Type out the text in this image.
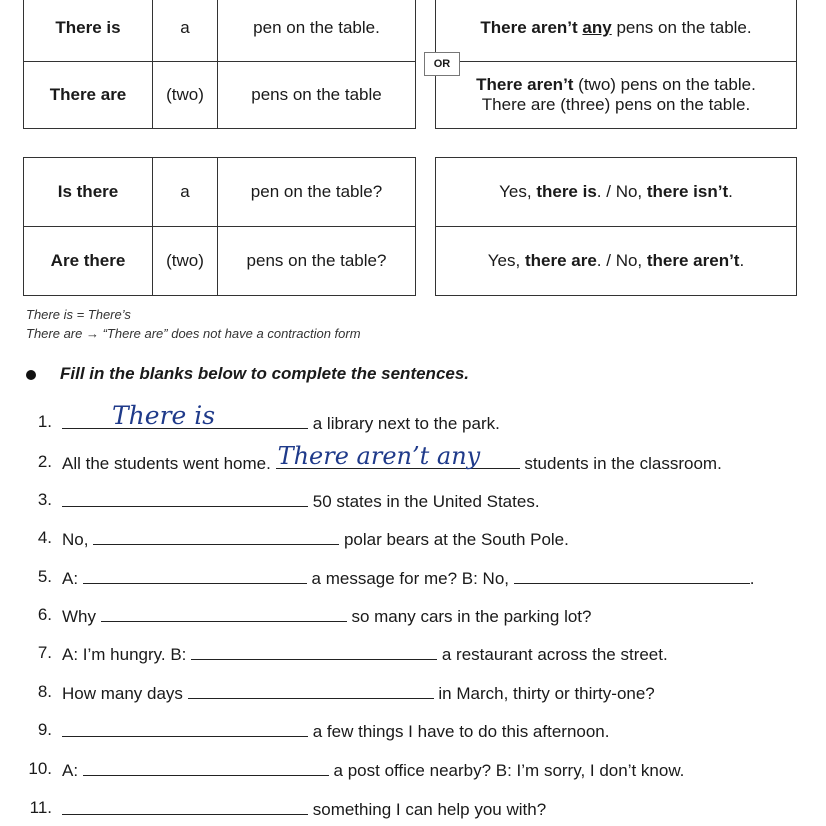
There is	a	pen on the table.
There are	(two)	pens on the table
There aren’t any pens on the table.

There aren’t (two) pens on the table.
There are (three) pens on the table.
OR
Is there	a	pen on the table?
Are there	(two)	pens on the table?
Yes, there is. / No, there isn’t.
Yes, there are. / No, there aren’t.
There is = There’s
There are → “There are” does not have a contraction form
Fill in the blanks below to complete the sentences.
1. There is	a library next to the park.
2. All the students went home. There aren’t any	students in the classroom.
3.	50 states in the United States.
4. No,	polar bears at the South Pole.
5. A:	a message for me? B: No,	.
6. Why	so many cars in the parking lot?
7. A: I’m hungry. B:	a restaurant across the street.
8. How many days	in March, thirty or thirty-one?
9.	a few things I have to do this afternoon.
10. A:	a post office nearby? B: I’m sorry, I don’t know.
11.	something I can help you with?
